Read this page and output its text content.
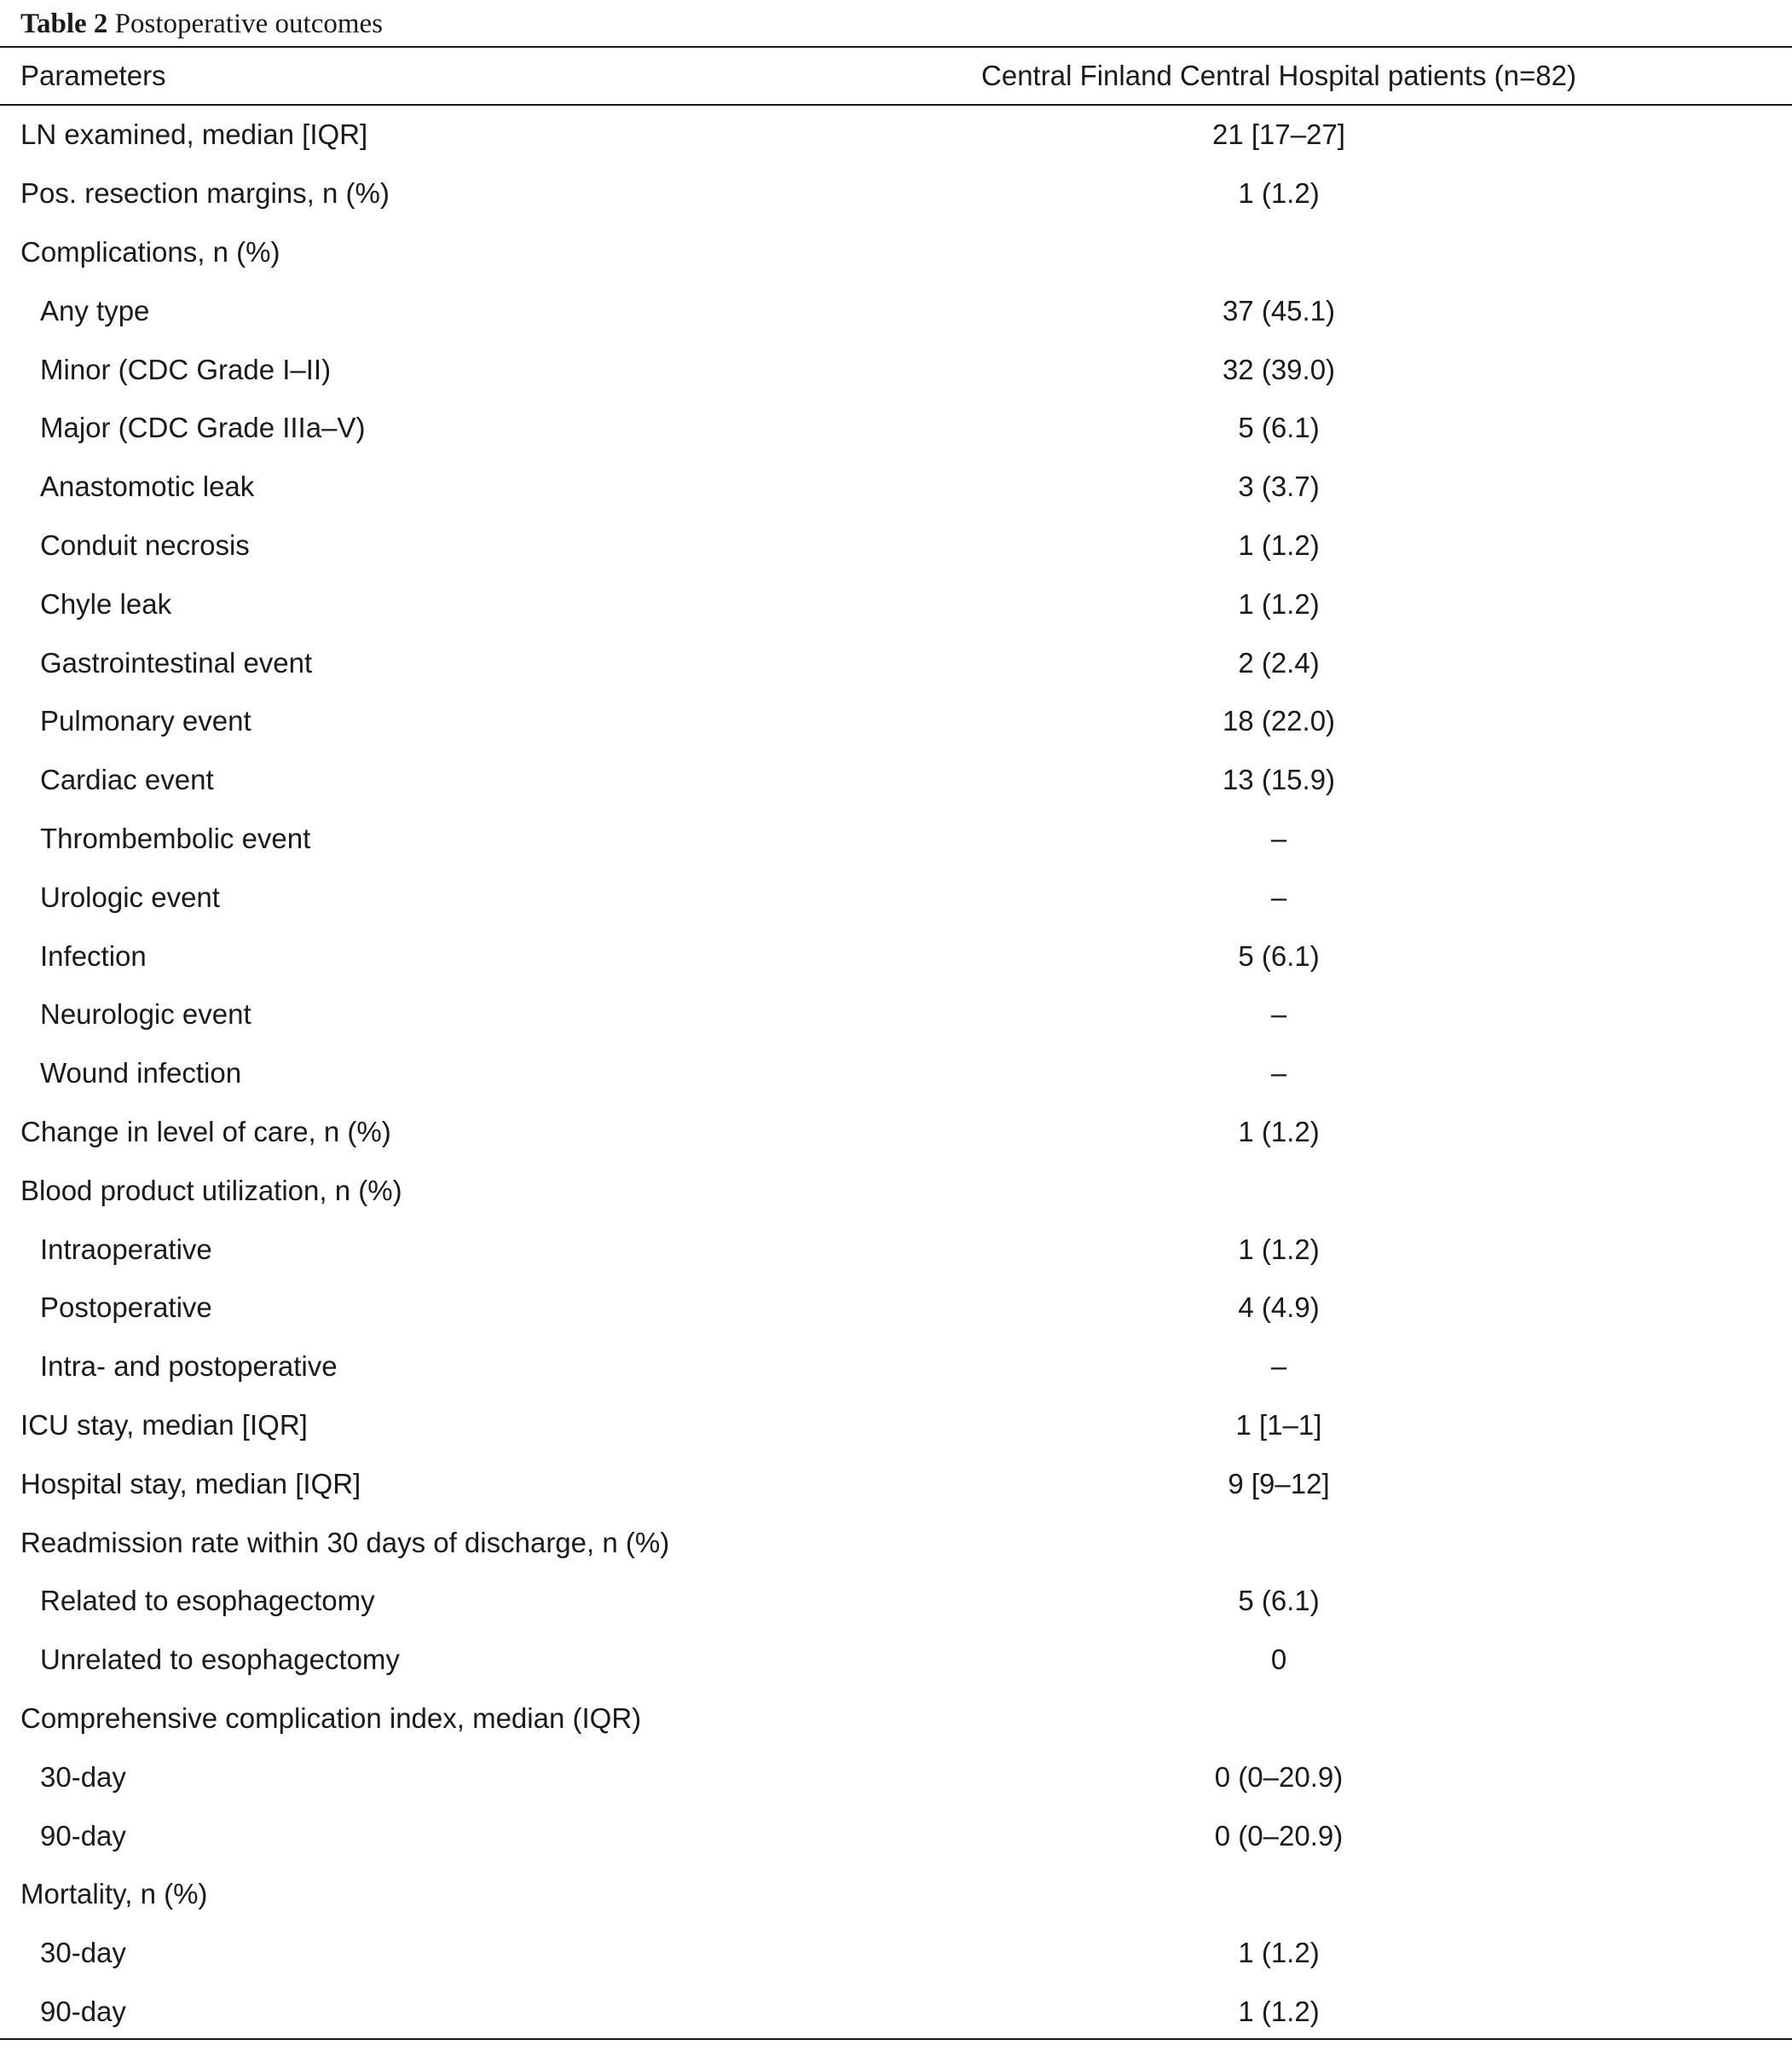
Table 2 Postoperative outcomes
Parameters	Central Finland Central Hospital patients (n=82)
LN examined, median [IQR]	21 [17–27]
Pos. resection margins, n (%)	1 (1.2)
Complications, n (%)
Any type	37 (45.1)
Minor (CDC Grade I–II)	32 (39.0)
Major (CDC Grade IIIa–V)	5 (6.1)
Anastomotic leak	3 (3.7)
Conduit necrosis	1 (1.2)
Chyle leak	1 (1.2)
Gastrointestinal event	2 (2.4)
Pulmonary event	18 (22.0)
Cardiac event	13 (15.9)
Thrombembolic event	–
Urologic event	–
Infection	5 (6.1)
Neurologic event	–
Wound infection	–
Change in level of care, n (%)	1 (1.2)
Blood product utilization, n (%)
Intraoperative	1 (1.2)
Postoperative	4 (4.9)
Intra- and postoperative	–
ICU stay, median [IQR]	1 [1–1]
Hospital stay, median [IQR]	9 [9–12]
Readmission rate within 30 days of discharge, n (%)
Related to esophagectomy	5 (6.1)
Unrelated to esophagectomy	0
Comprehensive complication index, median (IQR)
30-day	0 (0–20.9)
90-day	0 (0–20.9)
Mortality, n (%)
30-day	1 (1.2)
90-day	1 (1.2)
